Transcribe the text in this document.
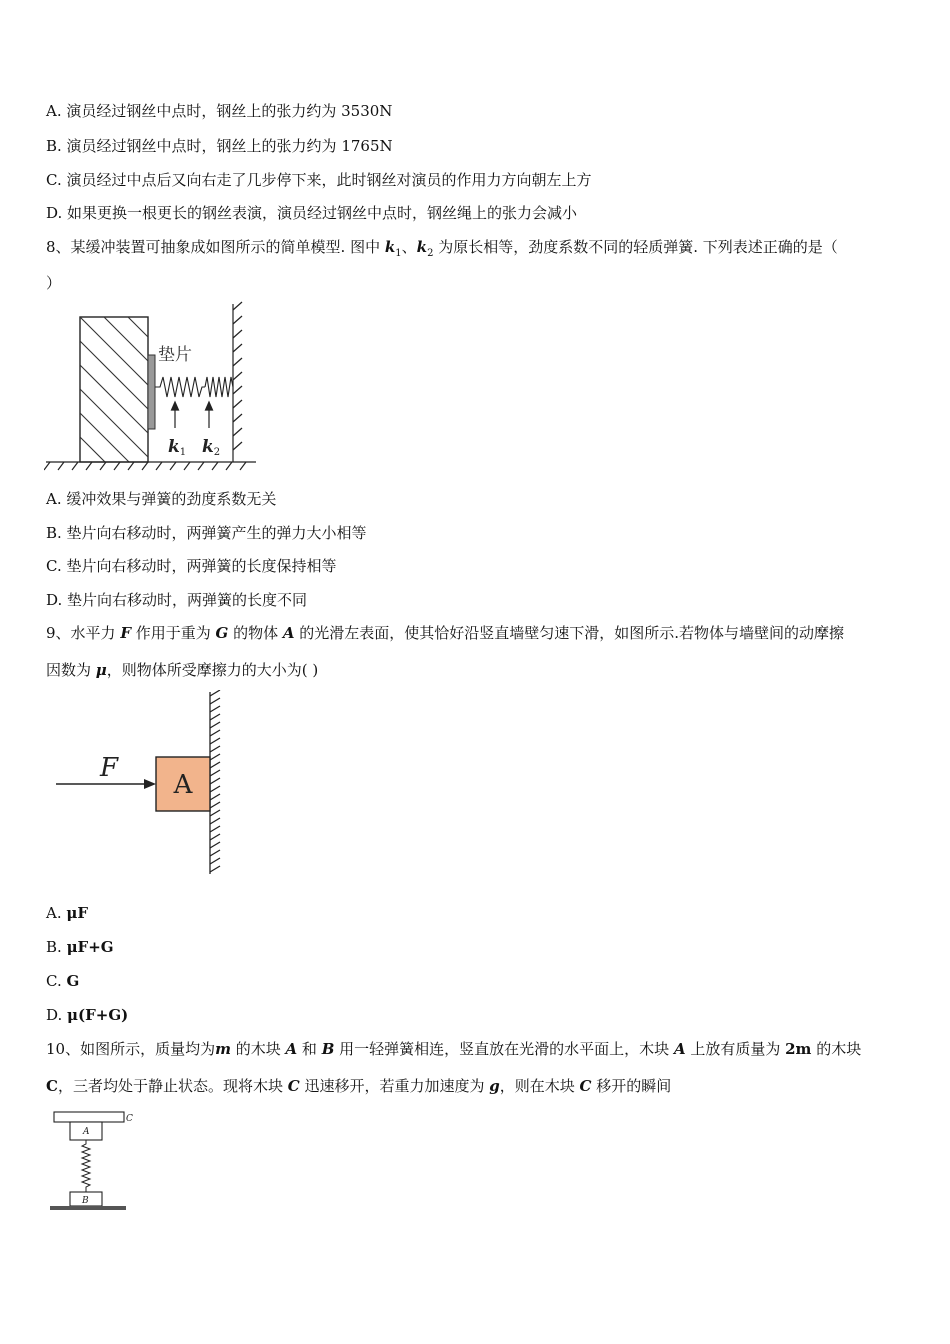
A. 演员经过钢丝中点时，钢丝上的张力约为 3530N

B. 演员经过钢丝中点时，钢丝上的张力约为 1765N

C. 演员经过中点后又向右走了几步停下来，此时钢丝对演员的作用力方向朝左上方

D. 如果更换一根更长的钢丝表演，演员经过钢丝中点时，钢丝绳上的张力会减小

8、某缓冲装置可抽象成如图所示的简单模型. 图中 $k_1$、$k_2$ 为原长相等，劲度系数不同的轻质弹簧. 下列表述正确的是（

）

垫片
k1 k2

A. 缓冲效果与弹簧的劲度系数无关

B. 垫片向右移动时，两弹簧产生的弹力大小相等

C. 垫片向右移动时，两弹簧的长度保持相等

D. 垫片向右移动时，两弹簧的长度不同

9、水平力 F 作用于重为 G 的物体 A 的光滑左表面，使其恰好沿竖直墙壁匀速下滑，如图所示.若物体与墙壁间的动摩擦

因数为 μ，则物体所受摩擦力的大小为( )

A
F

A. μF

B. μF+G

C. G

D. μ(F+G)

10、如图所示，质量均为m 的木块 A 和 B 用一轻弹簧相连，竖直放在光滑的水平面上，木块 A 上放有质量为 2m 的木块

C，三者均处于静止状态。现将木块 C 迅速移开，若重力加速度为 g，则在木块 C 移开的瞬间

C
A
B
